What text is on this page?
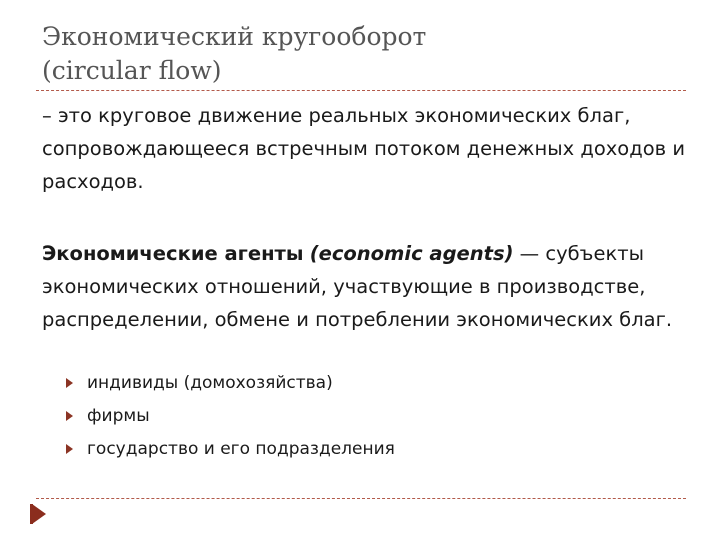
Экономический кругооборот
(circular flow)

– это круговое движение реальных экономических благ, сопровождающееся встречным потоком денежных доходов и расходов.

Экономические агенты (economic agents) — субъекты экономических отношений, участвующие в производстве, распределении, обмене и потреблении экономических благ.

индивиды (домохозяйства)
фирмы
государство и его подразделения
